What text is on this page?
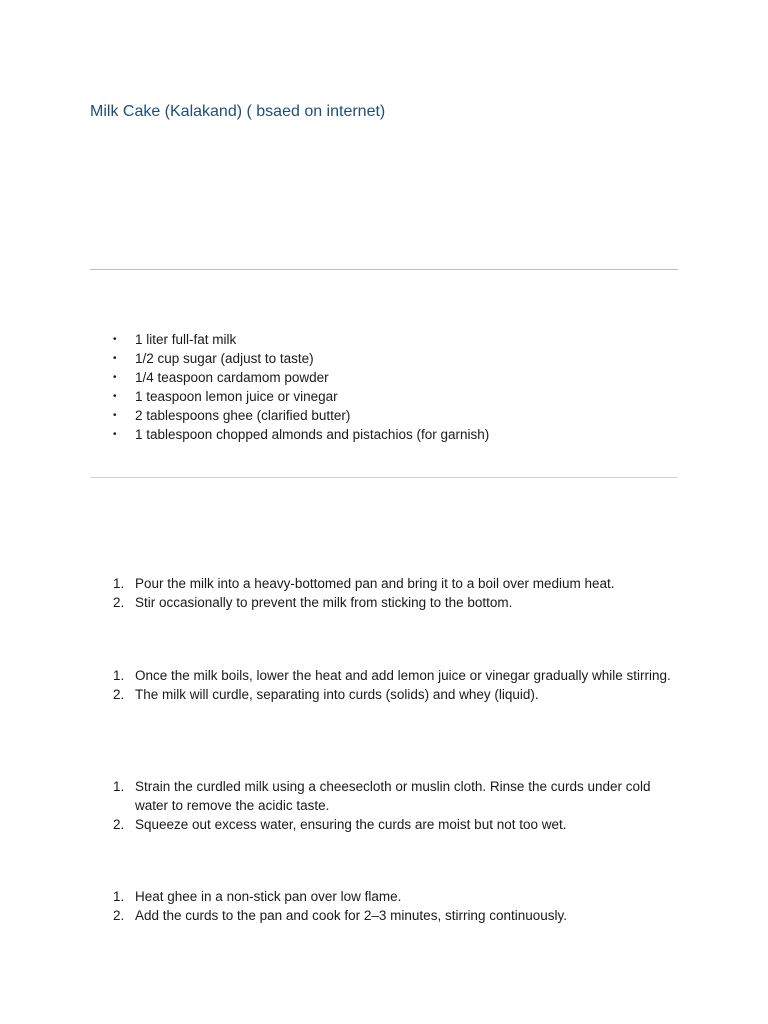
Milk Cake (Kalakand) ( bsaed on internet)
• 1 liter full-fat milk
• 1/2 cup sugar (adjust to taste)
• 1/4 teaspoon cardamom powder
• 1 teaspoon lemon juice or vinegar
• 2 tablespoons ghee (clarified butter)
• 1 tablespoon chopped almonds and pistachios (for garnish)
1. Pour the milk into a heavy-bottomed pan and bring it to a boil over medium heat.
2. Stir occasionally to prevent the milk from sticking to the bottom.
1. Once the milk boils, lower the heat and add lemon juice or vinegar gradually while stirring.
2. The milk will curdle, separating into curds (solids) and whey (liquid).
1. Strain the curdled milk using a cheesecloth or muslin cloth. Rinse the curds under cold water to remove the acidic taste.
2. Squeeze out excess water, ensuring the curds are moist but not too wet.
1. Heat ghee in a non-stick pan over low flame.
2. Add the curds to the pan and cook for 2–3 minutes, stirring continuously.
